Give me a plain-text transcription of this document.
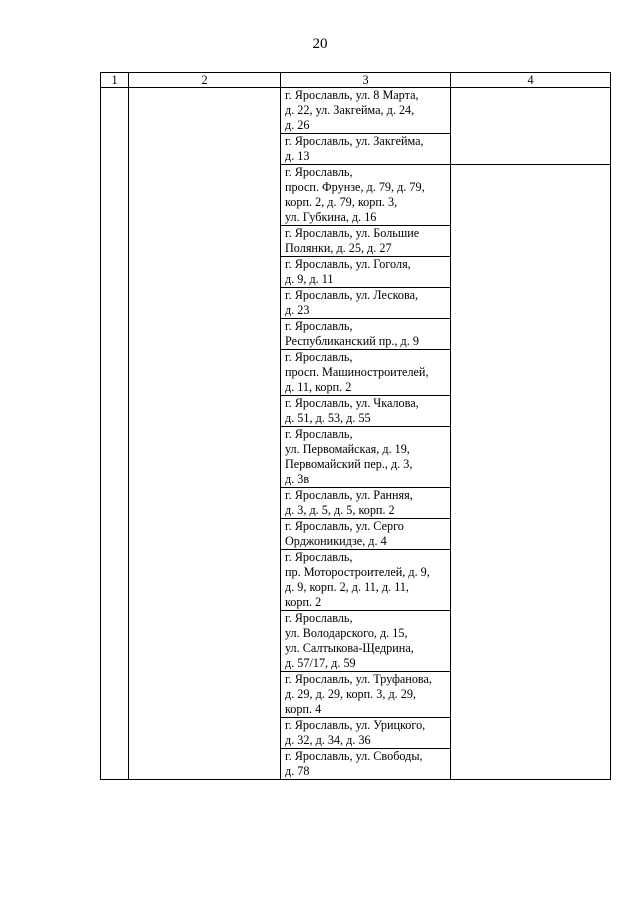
20
1	2	3	4
		г. Ярославль, ул. 8 Марта,
д. 22, ул. Закгейма, д. 24,
д. 26	
		г. Ярославль, ул. Закгейма,
д. 13	
		г. Ярославль,
просп. Фрунзе, д. 79, д. 79,
корп. 2, д. 79, корп. 3,
ул. Губкина, д. 16	
		г. Ярославль, ул. Большие
Полянки, д. 25, д. 27	
		г. Ярославль, ул. Гоголя,
д. 9, д. 11	
		г. Ярославль, ул. Лескова,
д. 23	
		г. Ярославль,
Республиканский пр., д. 9	
		г. Ярославль,
просп. Машиностроителей,
д. 11, корп. 2	
		г. Ярославль, ул. Чкалова,
д. 51, д. 53, д. 55	
		г. Ярославль,
ул. Первомайская, д. 19,
Первомайский пер., д. 3,
д. 3в	
		г. Ярославль, ул. Ранняя,
д. 3, д. 5, д. 5, корп. 2	
		г. Ярославль, ул. Серго
Орджоникидзе, д. 4	
		г. Ярославль,
пр. Моторостроителей, д. 9,
д. 9, корп. 2, д. 11, д. 11,
корп. 2	
		г. Ярославль,
ул. Володарского, д. 15,
ул. Салтыкова-Щедрина,
д. 57/17, д. 59	
		г. Ярославль, ул. Труфанова,
д. 29, д. 29, корп. 3, д. 29,
корп. 4	
		г. Ярославль, ул. Урицкого,
д. 32, д. 34, д. 36	
		г. Ярославль, ул. Свободы,
д. 78	
